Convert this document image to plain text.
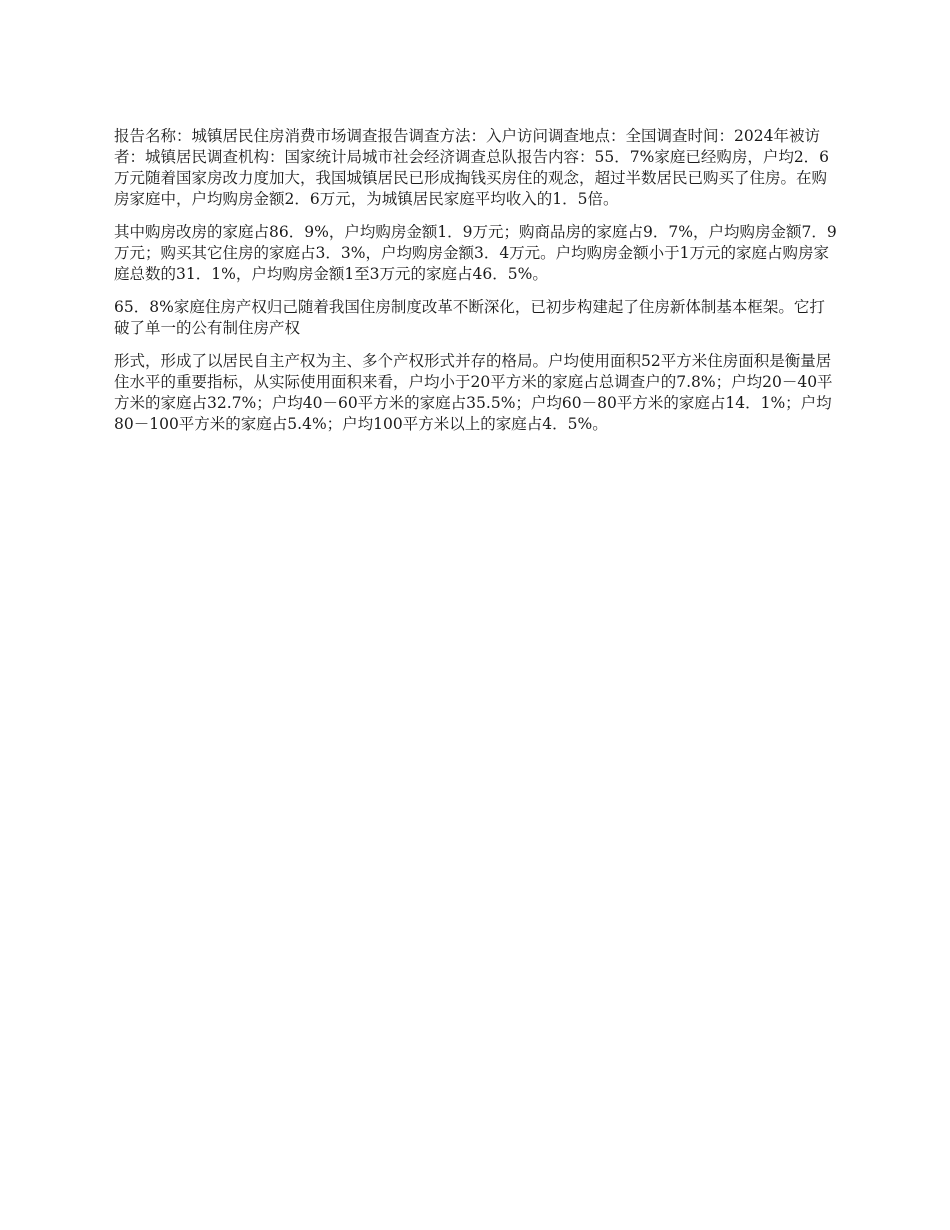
报告名称：城镇居民住房消费市场调查报告调查方法：入户访问调查地点：全国调查时间：2024年被访者：城镇居民调查机构：国家统计局城市社会经济调查总队报告内容：55．7%家庭已经购房，户均2．6万元随着国家房改力度加大，我国城镇居民已形成掏钱买房住的观念，超过半数居民已购买了住房。在购房家庭中，户均购房金额2．6万元，为城镇居民家庭平均收入的1．5倍。

其中购房改房的家庭占86．9%，户均购房金额1．9万元；购商品房的家庭占9．7%，户均购房金额7．9万元；购买其它住房的家庭占3．3%，户均购房金额3．4万元。户均购房金额小于1万元的家庭占购房家庭总数的31．1%，户均购房金额1至3万元的家庭占46．5%。

65．8%家庭住房产权归己随着我国住房制度改革不断深化，已初步构建起了住房新体制基本框架。它打破了单一的公有制住房产权

形式，形成了以居民自主产权为主、多个产权形式并存的格局。户均使用面积52平方米住房面积是衡量居住水平的重要指标，从实际使用面积来看，户均小于20平方米的家庭占总调查户的7.8%；户均20－40平方米的家庭占32.7%；户均40－60平方米的家庭占35.5%；户均60－80平方米的家庭占14．1%；户均80－100平方米的家庭占5.4%；户均100平方米以上的家庭占4．5%。
